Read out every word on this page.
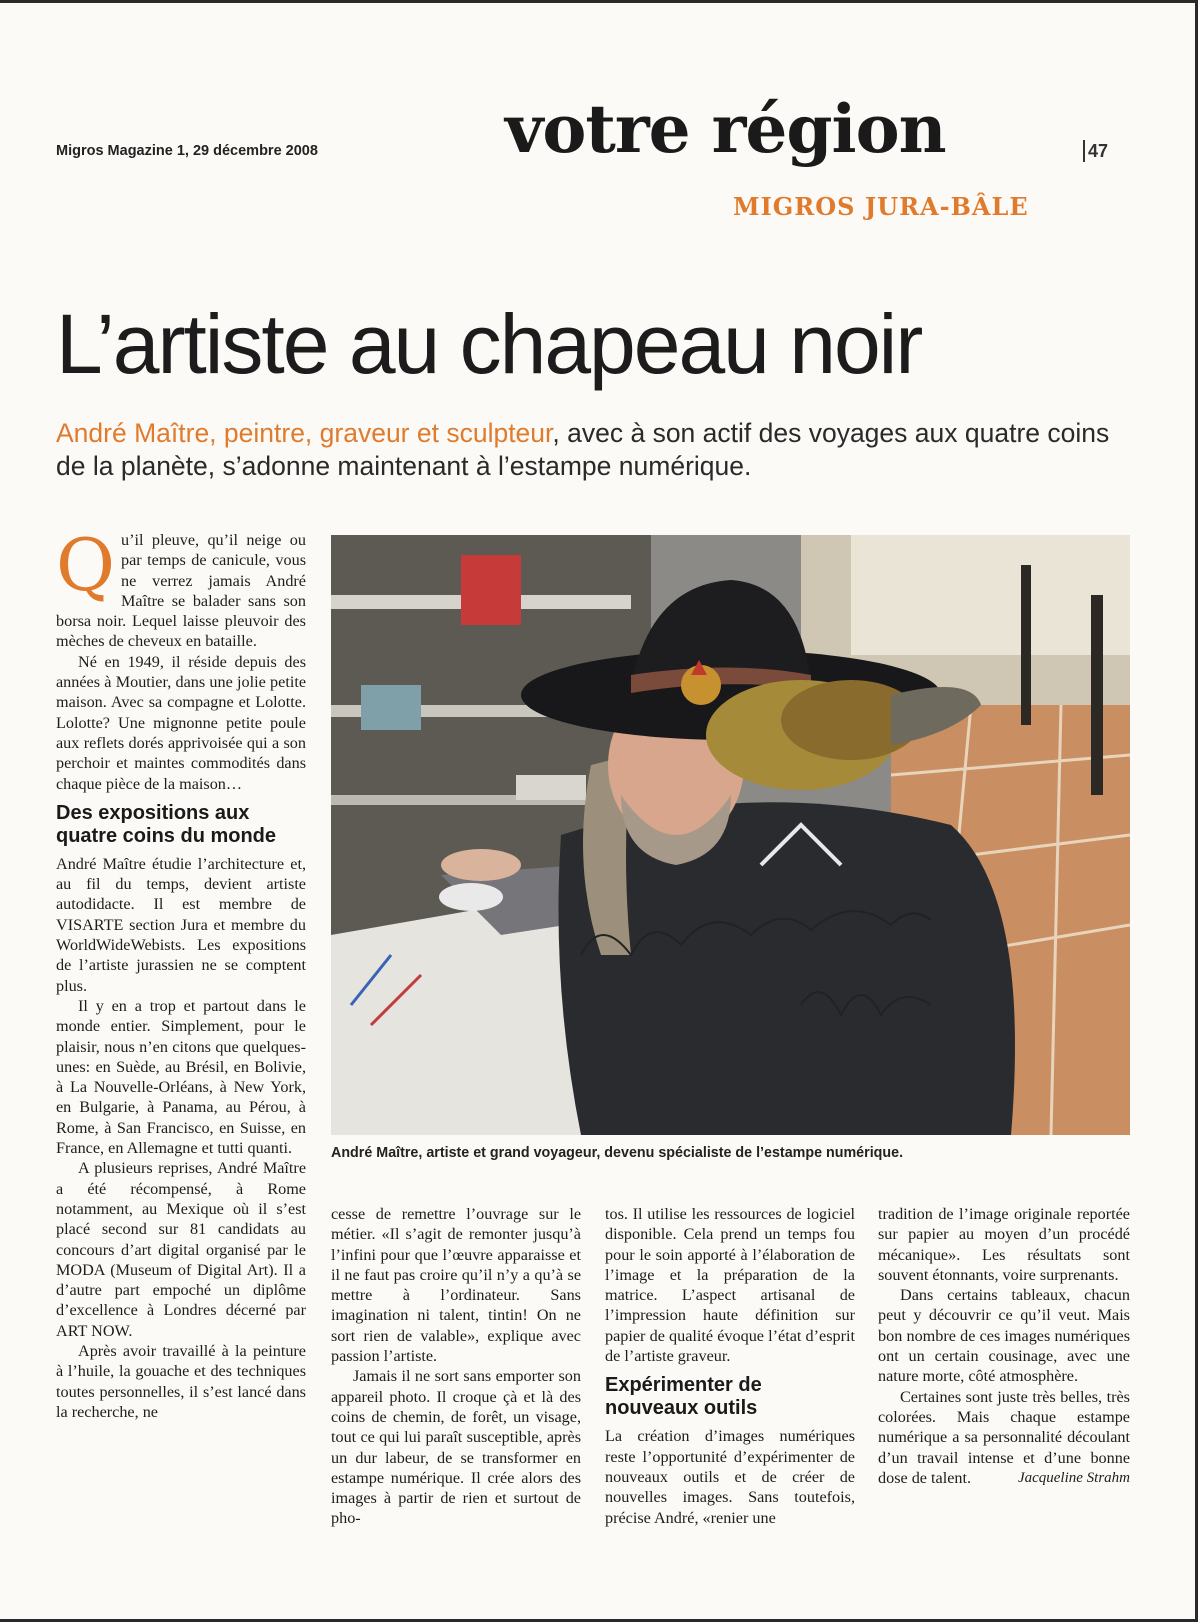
Migros Magazine 1, 29 décembre 2008	votre région	47
MIGROS JURA-BÂLE
L’artiste au chapeau noir
André Maître, peintre, graveur et sculpteur, avec à son actif des voyages aux quatre coins de la planète, s’adonne maintenant à l’estampe numérique.

Qu’il pleuve, qu’il neige ou par temps de canicule, vous ne verrez jamais André Maître se balader sans son borsa noir. Lequel laisse pleuvoir des mèches de cheveux en bataille.

Né en 1949, il réside depuis des années à Moutier, dans une jolie petite maison. Avec sa compagne et Lolotte. Lolotte? Une mignonne petite poule aux reflets dorés apprivoisée qui a son perchoir et maintes commodités dans chaque pièce de la maison…

Des expositions aux quatre coins du monde

André Maître étudie l’architecture et, au fil du temps, devient artiste autodidacte. Il est membre de VISARTE section Jura et membre du WorldWideWebists. Les expositions de l’artiste jurassien ne se comptent plus.

Il y en a trop et partout dans le monde entier. Simplement, pour le plaisir, nous n’en citons que quelques-unes: en Suède, au Brésil, en Bolivie, à La Nouvelle-Orléans, à New York, en Bulgarie, à Panama, au Pérou, à Rome, à San Francisco, en Suisse, en France, en Allemagne et tutti quanti.

A plusieurs reprises, André Maître a été récompensé, à Rome notamment, au Mexique où il s’est placé second sur 81 candidats au concours d’art digital organisé par le MODA (Museum of Digital Art). Il a d’autre part empoché un diplôme d’excellence à Londres décerné par ART NOW.

Après avoir travaillé à la peinture à l’huile, la gouache et des techniques toutes personnelles, il s’est lancé dans la recherche, ne

André Maître, artiste et grand voyageur, devenu spécialiste de l’estampe numérique.

cesse de remettre l’ouvrage sur le métier. «Il s’agit de remonter jusqu’à l’infini pour que l’œuvre apparaisse et il ne faut pas croire qu’il n’y a qu’à se mettre à l’ordinateur. Sans imagination ni talent, tintin! On ne sort rien de valable», explique avec passion l’artiste.

Jamais il ne sort sans emporter son appareil photo. Il croque çà et là des coins de chemin, de forêt, un visage, tout ce qui lui paraît susceptible, après un dur labeur, de se transformer en estampe numérique. Il crée alors des images à partir de rien et surtout de pho-

tos. Il utilise les ressources de logiciel disponible. Cela prend un temps fou pour le soin apporté à l’élaboration de l’image et la préparation de la matrice. L’aspect artisanal de l’impression haute définition sur papier de qualité évoque l’état d’esprit de l’artiste graveur.

Expérimenter de nouveaux outils

La création d’images numériques reste l’opportunité d’expérimenter de nouveaux outils et de créer de nouvelles images. Sans toutefois, précise André, «renier une

tradition de l’image originale reportée sur papier au moyen d’un procédé mécanique». Les résultats sont souvent étonnants, voire surprenants.

Dans certains tableaux, chacun peut y découvrir ce qu’il veut. Mais bon nombre de ces images numériques ont un certain cousinage, avec une nature morte, côté atmosphère.

Certaines sont juste très belles, très colorées. Mais chaque estampe numérique a sa personnalité découlant d’un travail intense et d’une bonne dose de talent.	Jacqueline Strahm
